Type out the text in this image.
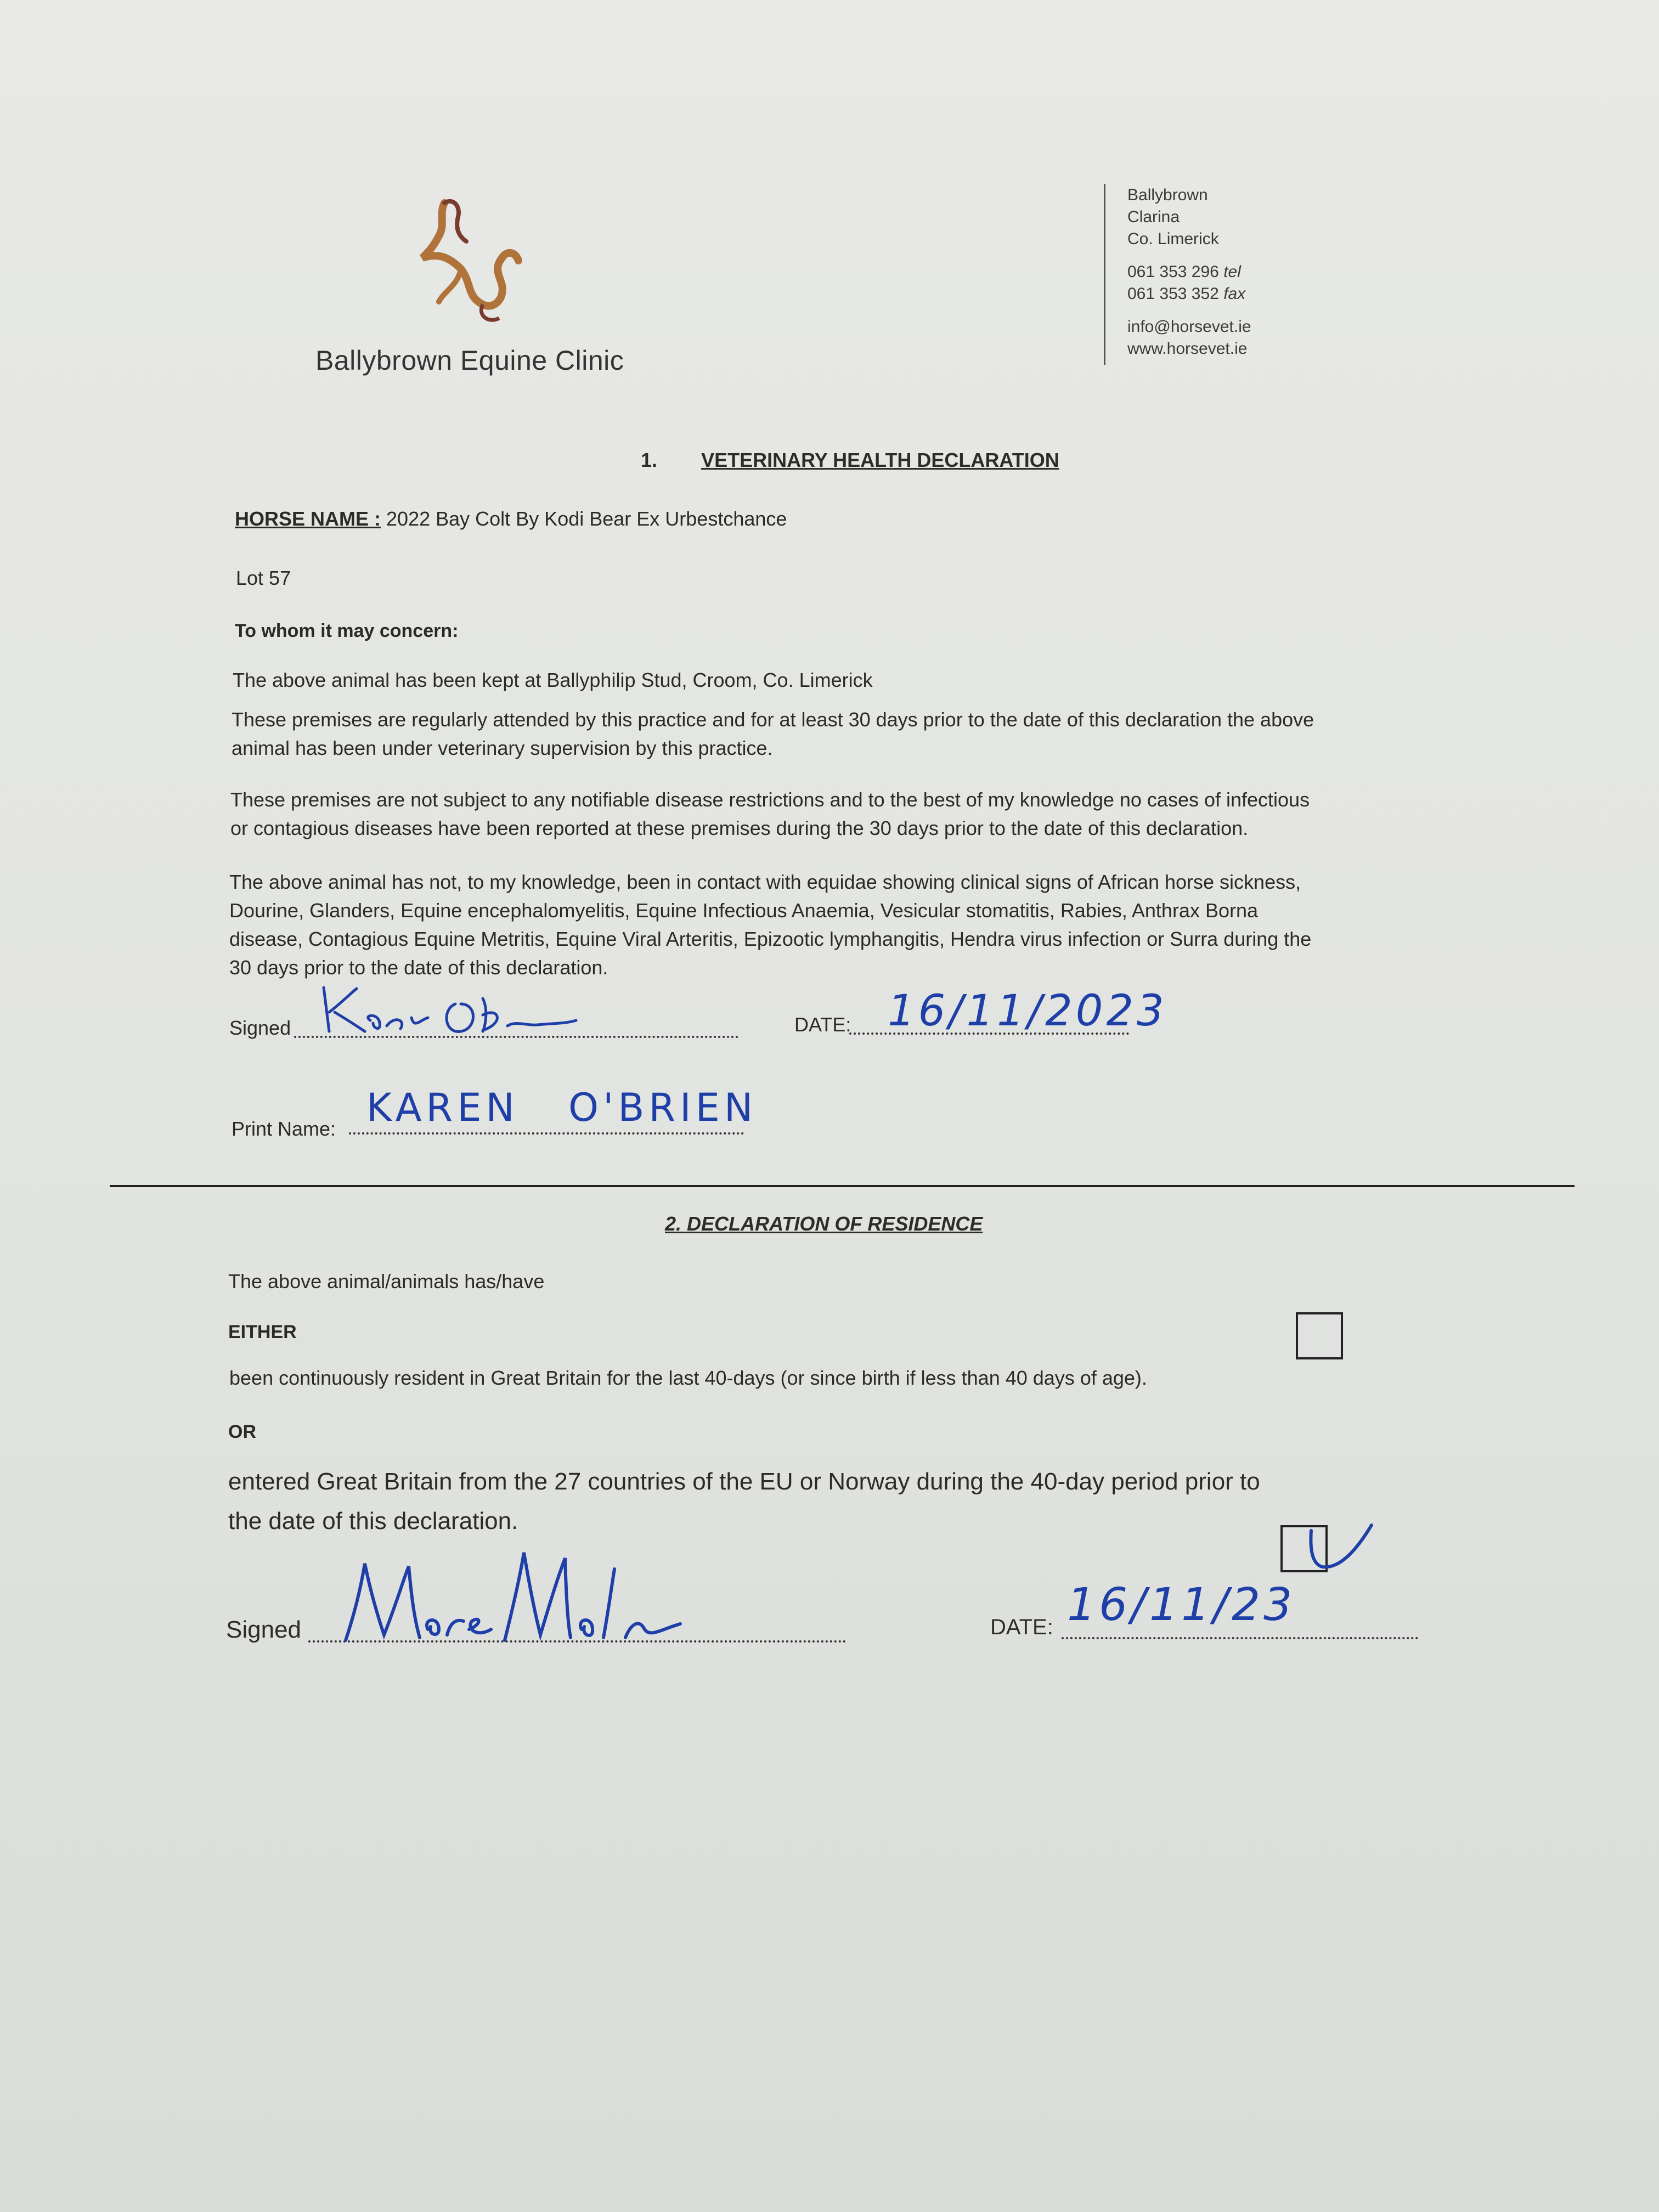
Ballybrown Equine Clinic
Ballybrown
Clarina
Co. Limerick
061 353 296 tel
061 353 352 fax
info@horsevet.ie
www.horsevet.ie
1. VETERINARY HEALTH DECLARATION
HORSE NAME : 2022 Bay Colt By Kodi Bear Ex Urbestchance
Lot 57
To whom it may concern:
The above animal has been kept at Ballyphilip Stud, Croom, Co. Limerick
These premises are regularly attended by this practice and for at least 30 days prior to the date of this declaration the above
animal has been under veterinary supervision by this practice.
These premises are not subject to any notifiable disease restrictions and to the best of my knowledge no cases of infectious
or contagious diseases have been reported at these premises during the 30 days prior to the date of this declaration.
The above animal has not, to my knowledge, been in contact with equidae showing clinical signs of African horse sickness,
Dourine, Glanders, Equine encephalomyelitis, Equine Infectious Anaemia, Vesicular stomatitis, Rabies, Anthrax Borna
disease, Contagious Equine Metritis, Equine Viral Arteritis, Epizootic lymphangitis, Hendra virus infection or Surra during the
30 days prior to the date of this declaration.
Signed	DATE: 16/11/2023
Print Name: KAREN O'BRIEN
2. DECLARATION OF RESIDENCE
The above animal/animals has/have
EITHER
been continuously resident in Great Britain for the last 40-days (or since birth if less than 40 days of age).
OR
entered Great Britain from the 27 countries of the EU or Norway during the 40-day period prior to
the date of this declaration.
Signed	DATE: 16/11/23
